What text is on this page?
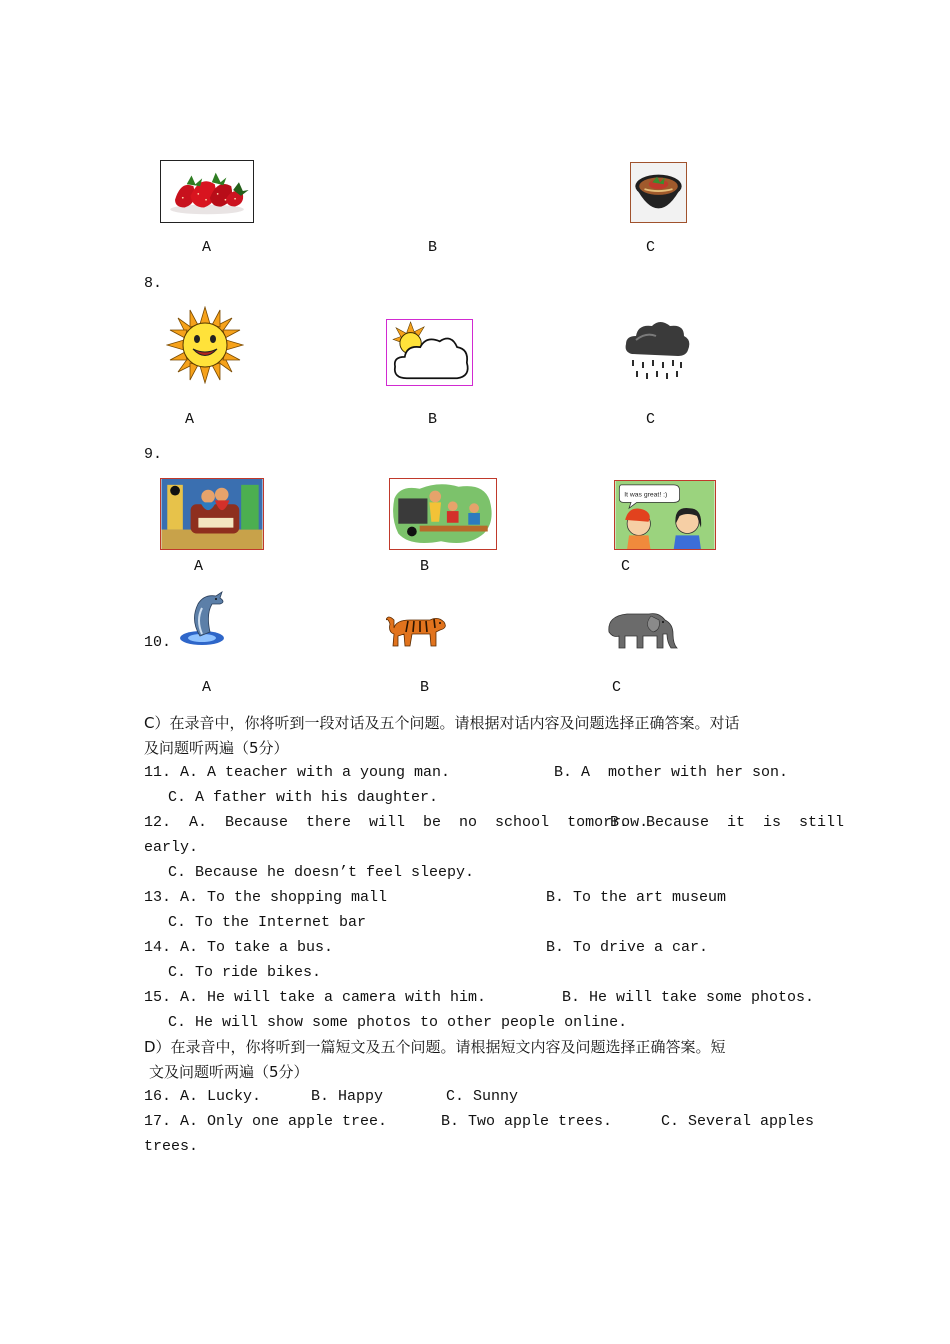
A	B	C
8.
A	B	C
9.
It was great! :)
A	B	C
10.
A	B	C
C）在录音中，你将听到一段对话及五个问题。请根据对话内容及问题选择正确答案。对话
及问题听两遍（5分）
11. A. A teacher with a young man.	B. A  mother with her son.
C. A father with his daughter.
12.  A.  Because  there  will  be  no  school  tomorrow.
B.  Because  it  is  still
early.
C. Because he doesn’t feel sleepy.
13. A. To the shopping mall	B. To the art museum
C. To the Internet bar
14. A. To take a bus.	B. To drive a car.
C. To ride bikes.
15. A. He will take a camera with him.	B. He will take some photos.
C. He will show some photos to other people online.
D）在录音中，你将听到一篇短文及五个问题。请根据短文内容及问题选择正确答案。短
文及问题听两遍（5分）
16. A. Lucky.	B. Happy	C. Sunny
17. A. Only one apple tree.	B. Two apple trees.	C. Several apples
trees.
